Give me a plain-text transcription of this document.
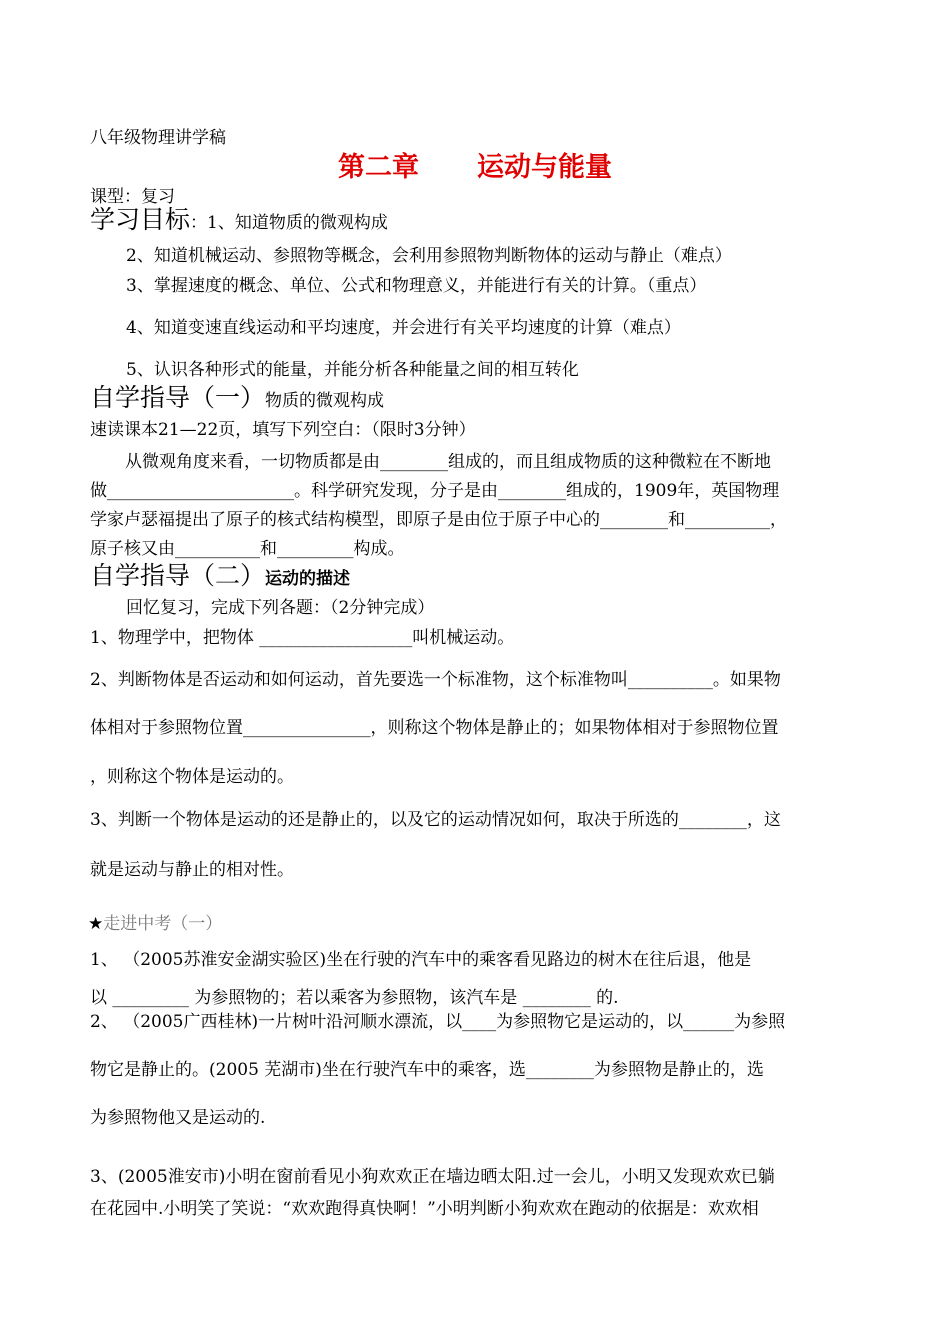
八年级物理讲学稿
第二章 运动与能量
课型：复习
学习目标：1、知道物质的微观构成
2、知道机械运动、参照物等概念，会利用参照物判断物体的运动与静止（难点）
3、掌握速度的概念、单位、公式和物理意义，并能进行有关的计算。（重点）
4、知道变速直线运动和平均速度，并会进行有关平均速度的计算（难点）
5、认识各种形式的能量，并能分析各种能量之间的相互转化
自学指导（一）物质的微观构成
速读课本21—22页，填写下列空白：（限时3分钟）
从微观角度来看，一切物质都是由________组成的，而且组成物质的这种微粒在不断地
做______________________。科学研究发现，分子是由________组成的，1909年，英国物理
学家卢瑟福提出了原子的核式结构模型，即原子是由位于原子中心的________和__________，
原子核又由__________和_________构成。
自学指导（二）运动的描述
回忆复习，完成下列各题：（2分钟完成）
1、物理学中，把物体 __________________叫机械运动。
2、判断物体是否运动和如何运动，首先要选一个标准物，这个标准物叫__________。如果物
体相对于参照物位置_______________，则称这个物体是静止的；如果物体相对于参照物位置
，则称这个物体是运动的。
3、判断一个物体是运动的还是静止的，以及它的运动情况如何，取决于所选的________，这
就是运动与静止的相对性。
★走进中考（一）
1、 （2005苏淮安金湖实验区)坐在行驶的汽车中的乘客看见路边的树木在往后退，他是
以 _________ 为参照物的；若以乘客为参照物，该汽车是 ________ 的.
2、 （2005广西桂林)一片树叶沿河顺水漂流，以____为参照物它是运动的，以______为参照
物它是静止的。(2005 芜湖市)坐在行驶汽车中的乘客，选________为参照物是静止的，选
为参照物他又是运动的.
3、(2005淮安市)小明在窗前看见小狗欢欢正在墙边晒太阳.过一会儿，小明又发现欢欢已躺
在花园中.小明笑了笑说：“欢欢跑得真快啊！”小明判断小狗欢欢在跑动的依据是：欢欢相
